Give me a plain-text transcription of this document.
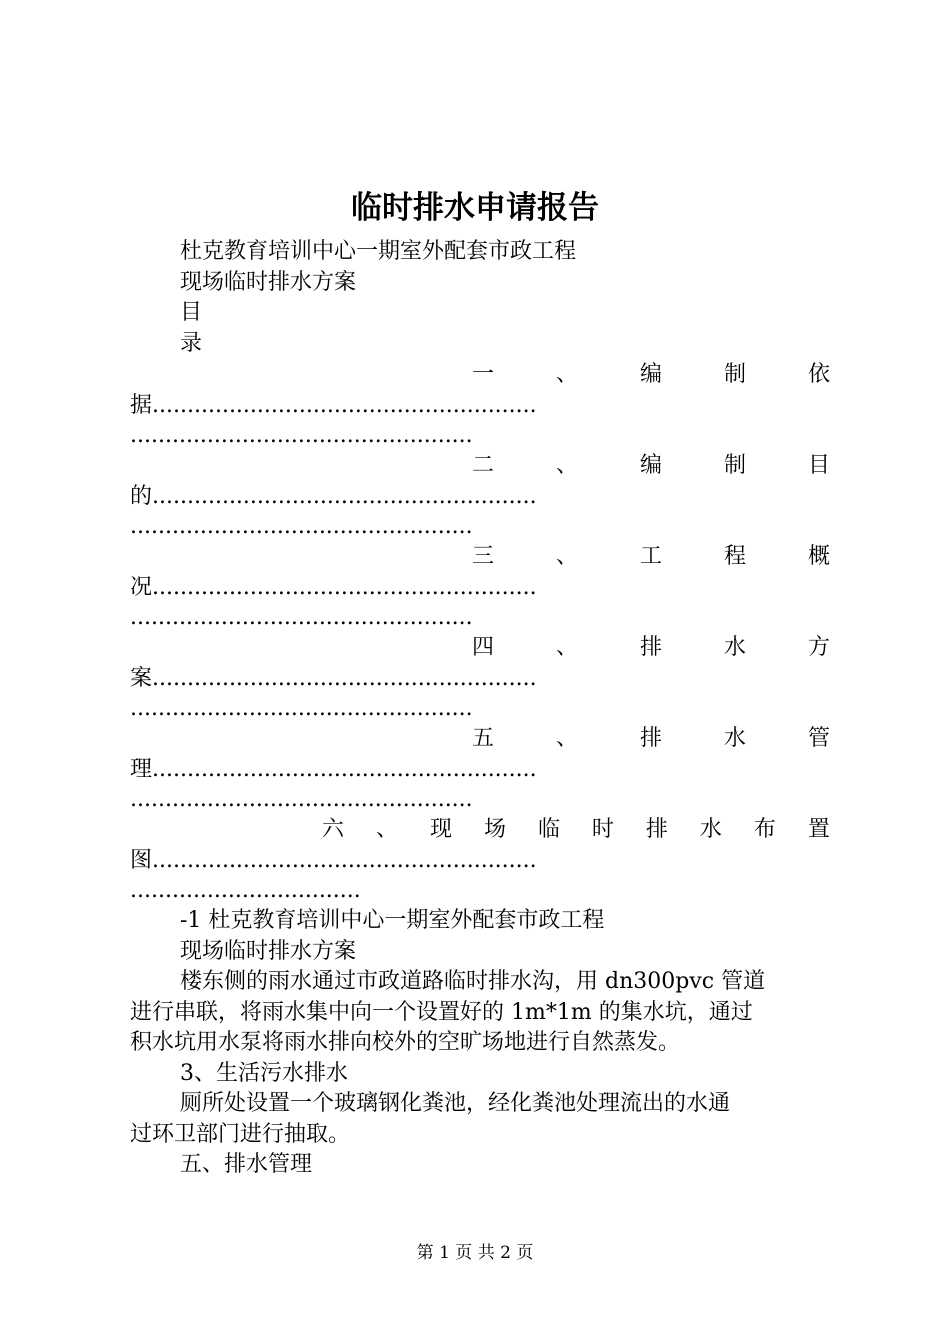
临时排水申请报告
杜克教育培训中心一期室外配套市政工程
现场临时排水方案
目
录
一	、	编	制	依
据.......................................................
.................................................
二	、	编	制	目
的.......................................................
.................................................
三	、	工	程	概
况.......................................................
.................................................
四	、	排	水	方
案.......................................................
.................................................
五	、	排	水	管
理.......................................................
.................................................
六 、 现 场 临 时 排 水 布 置
图.......................................................
.................................
-1 杜克教育培训中心一期室外配套市政工程
现场临时排水方案
楼东侧的雨水通过市政道路临时排水沟，用 dn300pvc 管道
进行串联，将雨水集中向一个设置好的 1m*1m 的集水坑，通过
积水坑用水泵将雨水排向校外的空旷场地进行自然蒸发。
3、生活污水排水
厕所处设置一个玻璃钢化粪池，经化粪池处理流出的水通
过环卫部门进行抽取。
五、排水管理
第 1 页 共 2 页
